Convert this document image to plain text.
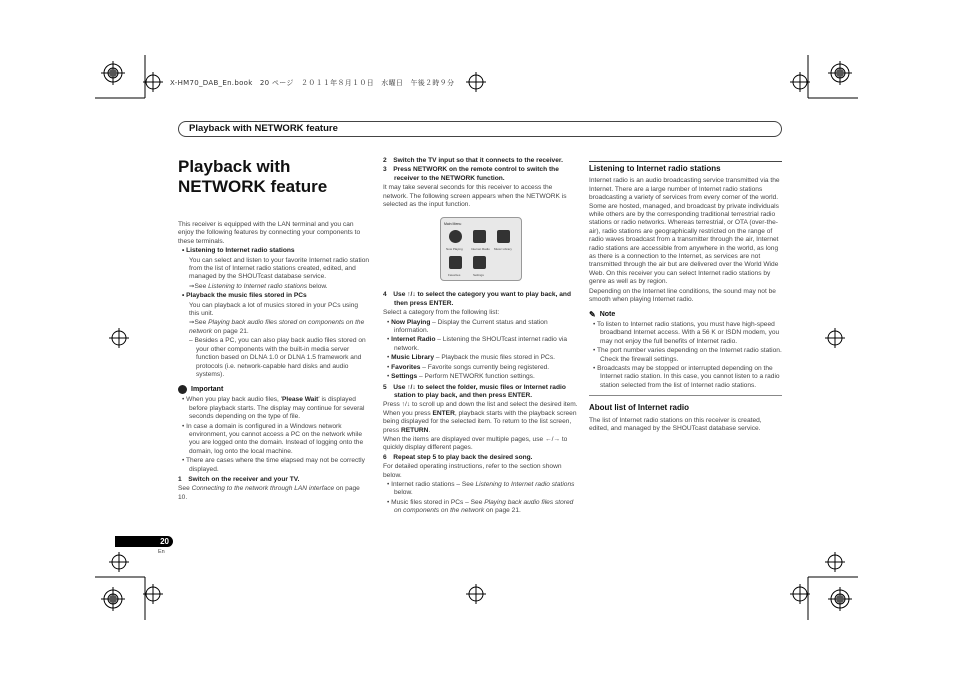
X-HM70_DAB_En.book　20 ページ　２０１１年８月１０日　水曜日　午後２時９分
Playback with NETWORK feature
Playback with NETWORK feature

This receiver is equipped with the LAN terminal and you can enjoy the following features by connecting your components to these terminals.

• Listening to Internet radio stations

You can select and listen to your favorite Internet radio station from the list of Internet radio stations created, edited, and managed by the SHOUTcast database service.

➞See Listening to Internet radio stations below.

• Playback the music files stored in PCs

You can playback a lot of musics stored in your PCs using this unit.

➞See Playing back audio files stored on components on the network on page 21.

– Besides a PC, you can also play back audio files stored on your other components with the built-in media server function based on DLNA 1.0 or DLNA 1.5 framework and protocols (i.e. network-capable hard disks and audio systems).

Important

• When you play back audio files, 'Please Wait' is displayed before playback starts. The display may continue for several seconds depending on the type of file.

• In case a domain is configured in a Windows network environment, you cannot access a PC on the network while you are logged onto the domain. Instead of logging onto the domain, log onto the local machine.

• There are cases where the time elapsed may not be correctly displayed.

1　Switch on the receiver and your TV.

See Connecting to the network through LAN interface on page 10.

2　Switch the TV input so that it connects to the receiver.

3　Press NETWORK on the remote control to switch the receiver to the NETWORK function.

It may take several seconds for this receiver to access the network. The following screen appears when the NETWORK is selected as the input function.

Main Menu
Now Playing	Internet Radio Music Library
Favorites	Settings

4　Use ↑/↓ to select the category you want to play back, and then press ENTER.

Select a category from the following list:

• Now Playing – Display the Current status and station information.

• Internet Radio – Listening the SHOUTcast internet radio via network.

• Music Library – Playback the music files stored in PCs.

• Favorites – Favorite songs currently being registered.

• Settings – Perform NETWORK function settings.

5　Use ↑/↓ to select the folder, music files or Internet radio station to play back, and then press ENTER.

Press ↑/↓ to scroll up and down the list and select the desired item. When you press ENTER, playback starts with the playback screen being displayed for the selected item. To return to the list screen, press RETURN.

When the items are displayed over multiple pages, use ←/→ to quickly display different pages.

6　Repeat step 5 to play back the desired song.

For detailed operating instructions, refer to the section shown below.

• Internet radio stations – See Listening to Internet radio stations below.

• Music files stored in PCs – See Playing back audio files stored on components on the network on page 21.

Listening to Internet radio stations

Internet radio is an audio broadcasting service transmitted via the Internet. There are a large number of Internet radio stations broadcasting a variety of services from every corner of the world. Some are hosted, managed, and broadcast by private individuals while others are by the corresponding traditional terrestrial radio stations or radio networks. Whereas terrestrial, or OTA (over-the-air), radio stations are geographically restricted on the range of radio waves broadcast from a transmitter through the air, Internet radio stations are accessible from anywhere in the world, as long as there is a connection to the Internet, as services are not transmitted through the air but are delivered over the World Wide Web. On this receiver you can select Internet radio stations by genre as well as by region.

Depending on the Internet line conditions, the sound may not be smooth when playing Internet radio.

✎ Note

• To listen to Internet radio stations, you must have high-speed broadband Internet access. With a 56 K or ISDN modem, you may not enjoy the full benefits of Internet radio.

• The port number varies depending on the Internet radio station. Check the firewall settings.

• Broadcasts may be stopped or interrupted depending on the Internet radio station. In this case, you cannot listen to a radio station selected from the list of Internet radio stations.

About list of Internet radio

The list of Internet radio stations on this receiver is created, edited, and managed by the SHOUTcast database service.

20
En
